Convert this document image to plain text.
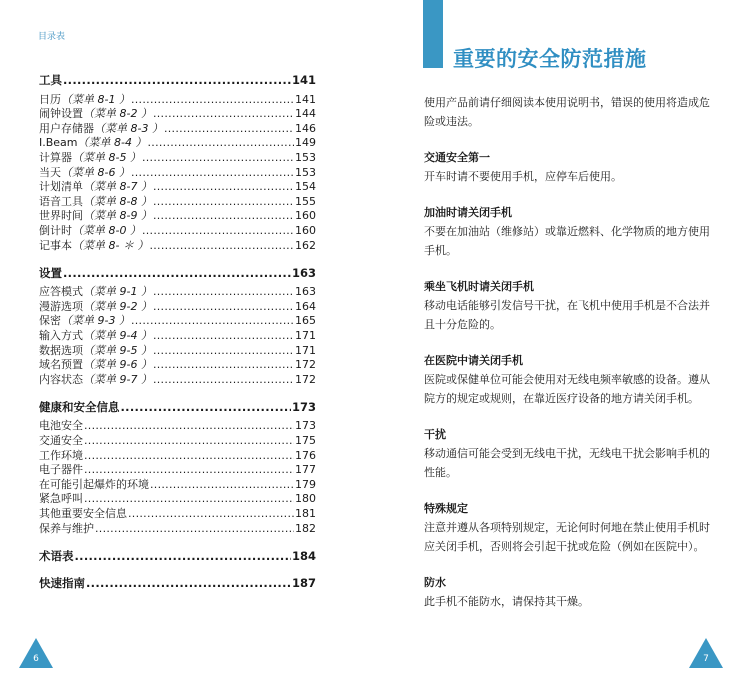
目录表
工具 .....	141
日历 （菜单 8-1 ） .....	141
闹钟设置 （菜单 8-2 ） .....	144
用户存储器 （菜单 8-3 ） .....	146
I.Beam （菜单 8-4 ） .....	149
计算器 （菜单 8-5 ） .....	153
当天 （菜单 8-6 ） .....	153
计划清单 （菜单 8-7 ） .....	154
语音工具 （菜单 8-8 ） .....	155
世界时间 （菜单 8-9 ） .....	160
倒计时 （菜单 8-0 ） .....	160
记事本 （菜单 8- ＊ ） .....	162
设置 .....	163
应答模式 （菜单 9-1 ） .....	163
漫游选项 （菜单 9-2 ） .....	164
保密 （菜单 9-3 ） .....	165
输入方式 （菜单 9-4 ） .....	171
数据选项 （菜单 9-5 ） .....	171
域名预置 （菜单 9-6 ） .....	172
内容状态 （菜单 9-7 ） .....	172
健康和安全信息 .....	173
电池安全 .....	173
交通安全 .....	175
工作环境 .....	176
电子器件 .....	177
在可能引起爆炸的环境 .....	179
紧急呼叫 .....	180
其他重要安全信息 .....	181
保养与维护 .....	182
术语表 .....	184
快速指南 .....	187
6
重要的安全防范措施

使用产品前请仔细阅读本使用说明书，错误的使用将造成危险或违法。

交通安全第一

开车时请不要使用手机，应停车后使用。

加油时请关闭手机

不要在加油站（维修站）或靠近燃料、化学物质的地方使用手机。

乘坐飞机时请关闭手机

移动电话能够引发信号干扰，在飞机中使用手机是不合法并且十分危险的。

在医院中请关闭手机

医院或保健单位可能会使用对无线电频率敏感的设备。遵从院方的规定或规则，在靠近医疗设备的地方请关闭手机。

干扰

移动通信可能会受到无线电干扰，无线电干扰会影响手机的性能。

特殊规定

注意并遵从各项特别规定，无论何时何地在禁止使用手机时应关闭手机，否则将会引起干扰或危险（例如在医院中）。

防水

此手机不能防水，请保持其干燥。

7
